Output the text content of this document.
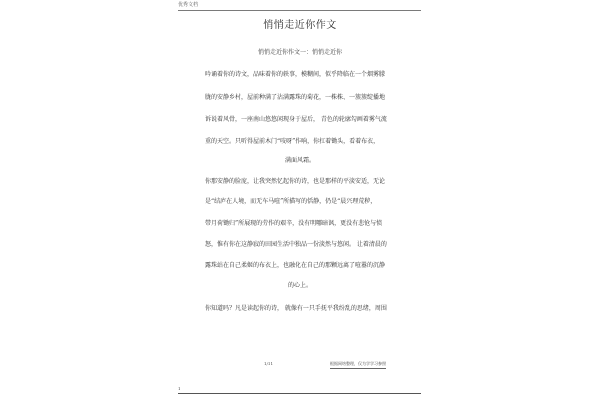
优秀文档
悄悄走近你作文
悄悄走近你作文一：悄悄走近你
吟诵着你的诗文，品味着你的轶事，模糊间，似乎降临在一个烟雾朦
胧的安静乡村，屋前种满了沾满露珠的菊花，一株株、一簇簇绽播地
诉说着风骨，一座南山悠悠闲现身于屋后， 青色的轮廓勾画着雾气流
重的天空。只听得屋前木门“吱呀”作响，你扛着锄头，看着布衣，
满面风霜。
你那安静的脸庞，让我突然忆起你的诗，也是那样的平淡安适，无论
是“结庐在人境，而无车马喧”所描写的恬静，仍是“晨兴理荒秽，
带月荷锄归”所展现的劳作的艰辛，没有明哪暗讽，更没有悲怆与愤
怒，惟有你在这静寂的田园生活中独品一份淡然与悠闲。 让着清晨的
露珠站在自己柔姬的布衣上，也融化在自己的那颗远离了喧嚣的沉静
的心上。
你知道吗？凡是读起你的诗， 就像有一只手抚平我纷乱的思绪，周围
1/11	根据网络整理，仅为学学习参照
1
